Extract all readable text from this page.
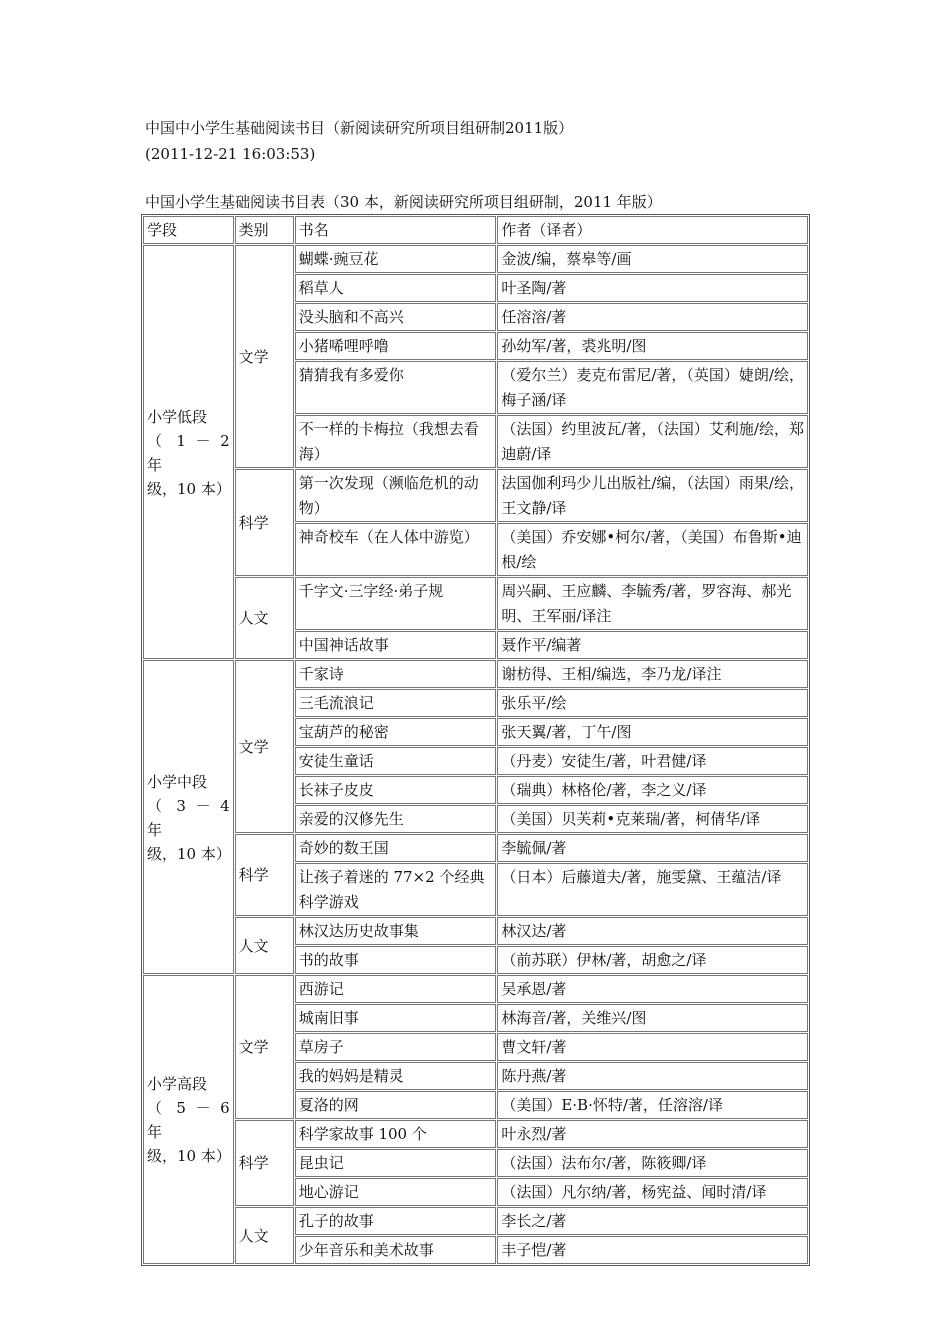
中国中小学生基础阅读书目（新阅读研究所项目组研制2011版）
(2011-12-21 16:03:53)
中国小学生基础阅读书目表（30 本，新阅读研究所项目组研制，2011 年版）
学段	类别	书名	作者（译者）
小学低段

（ 1 － 2 年
级，10 本）	文学	蝴蝶·豌豆花	金波/编，蔡皋等/画
		稻草人	叶圣陶/著
		没头脑和不高兴	任溶溶/著
		小猪唏哩呼噜	孙幼军/著，裘兆明/图
		猜猜我有多爱你	（爱尔兰）麦克布雷尼/著，（英国）婕朗/绘，梅子涵/译
		不一样的卡梅拉（我想去看海）	（法国）约里波瓦/著，（法国）艾利施/绘，郑迪蔚/译
	科学	第一次发现（濒临危机的动物）	法国伽利玛少儿出版社/编，（法国）雨果/绘，王文静/译
		神奇校车（在人体中游览）	（美国）乔安娜•柯尔/著，（美国）布鲁斯•迪根/绘
	人文	千字文·三字经·弟子规	周兴嗣、王应麟、李毓秀/著，罗容海、郝光明、王军丽/译注
		中国神话故事	聂作平/编著
小学中段

（ 3 － 4 年
级，10 本）	文学	千家诗	谢枋得、王相/编选，李乃龙/译注
		三毛流浪记	张乐平/绘
		宝葫芦的秘密	张天翼/著，丁午/图
		安徒生童话	（丹麦）安徒生/著，叶君健/译
		长袜子皮皮	（瑞典）林格伦/著，李之义/译
		亲爱的汉修先生	（美国）贝芙莉•克莱瑞/著，柯倩华/译
	科学	奇妙的数王国	李毓佩/著
		让孩子着迷的 77×2 个经典科学游戏	（日本）后藤道夫/著，施雯黛、王蕴洁/译
	人文	林汉达历史故事集	林汉达/著
		书的故事	（前苏联）伊林/著，胡愈之/译
小学高段

（ 5 － 6 年
级，10 本）	文学	西游记	吴承恩/著
		城南旧事	林海音/著，关维兴/图
		草房子	曹文轩/著
		我的妈妈是精灵	陈丹燕/著
		夏洛的网	（美国）E·B·怀特/著，任溶溶/译
	科学	科学家故事 100 个	叶永烈/著
		昆虫记	（法国）法布尔/著，陈筱卿/译
		地心游记	（法国）凡尔纳/著，杨宪益、闻时清/译
	人文	孔子的故事	李长之/著
		少年音乐和美术故事	丰子恺/著
